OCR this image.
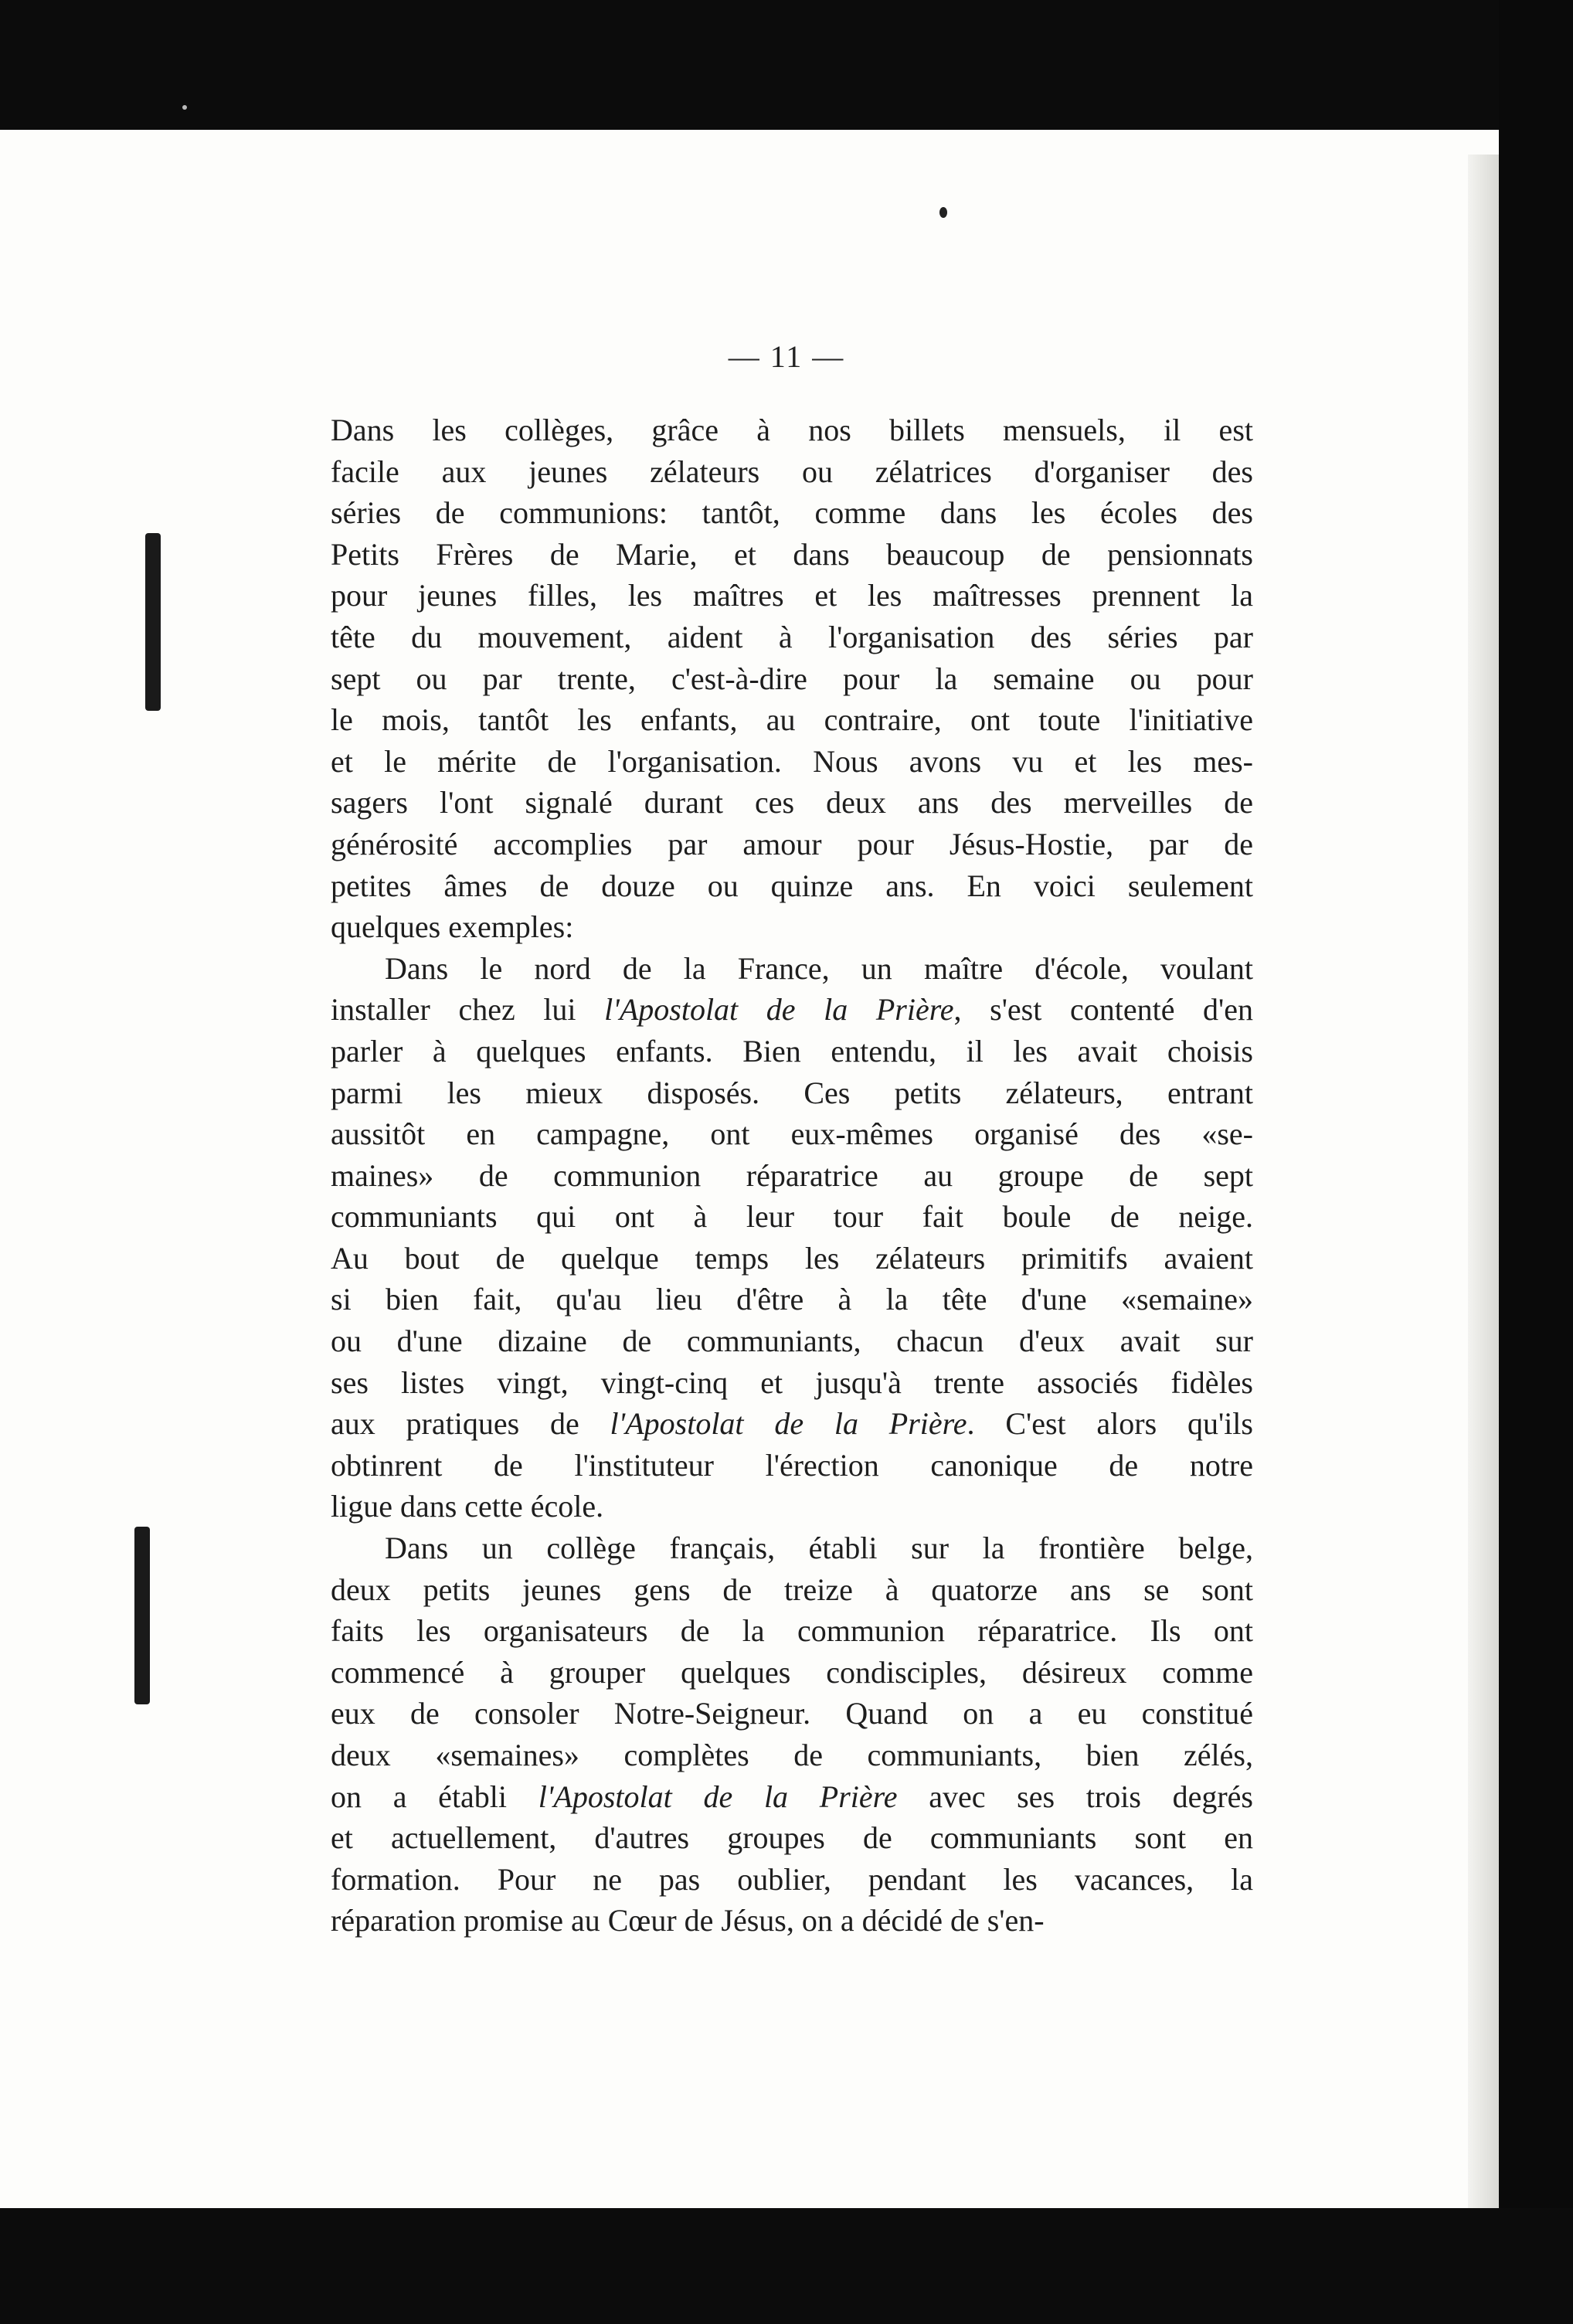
— 11 —
Dans les collèges, grâce à nos billets mensuels, il est
facile aux jeunes zélateurs ou zélatrices d'organiser des
séries de communions: tantôt, comme dans les écoles des
Petits Frères de Marie, et dans beaucoup de pensionnats
pour jeunes filles, les maîtres et les maîtresses prennent la
tête du mouvement, aident à l'organisation des séries par
sept ou par trente, c'est-à-dire pour la semaine ou pour
le mois, tantôt les enfants, au contraire, ont toute l'initiative
et le mérite de l'organisation. Nous avons vu et les mes-
sagers l'ont signalé durant ces deux ans des merveilles de
générosité accomplies par amour pour Jésus-Hostie, par de
petites âmes de douze ou quinze ans. En voici seulement
quelques exemples:
Dans le nord de la France, un maître d'école, voulant
installer chez lui l'Apostolat de la Prière, s'est contenté d'en
parler à quelques enfants. Bien entendu, il les avait choisis
parmi les mieux disposés. Ces petits zélateurs, entrant
aussitôt en campagne, ont eux-mêmes organisé des «se-
maines» de communion réparatrice au groupe de sept
communiants qui ont à leur tour fait boule de neige.
Au bout de quelque temps les zélateurs primitifs avaient
si bien fait, qu'au lieu d'être à la tête d'une «semaine»
ou d'une dizaine de communiants, chacun d'eux avait sur
ses listes vingt, vingt-cinq et jusqu'à trente associés fidèles
aux pratiques de l'Apostolat de la Prière. C'est alors qu'ils
obtinrent de l'instituteur l'érection canonique de notre
ligue dans cette école.
Dans un collège français, établi sur la frontière belge,
deux petits jeunes gens de treize à quatorze ans se sont
faits les organisateurs de la communion réparatrice. Ils ont
commencé à grouper quelques condisciples, désireux comme
eux de consoler Notre-Seigneur. Quand on a eu constitué
deux «semaines» complètes de communiants, bien zélés,
on a établi l'Apostolat de la Prière avec ses trois degrés
et actuellement, d'autres groupes de communiants sont en
formation. Pour ne pas oublier, pendant les vacances, la
réparation promise au Cœur de Jésus, on a décidé de s'en-
